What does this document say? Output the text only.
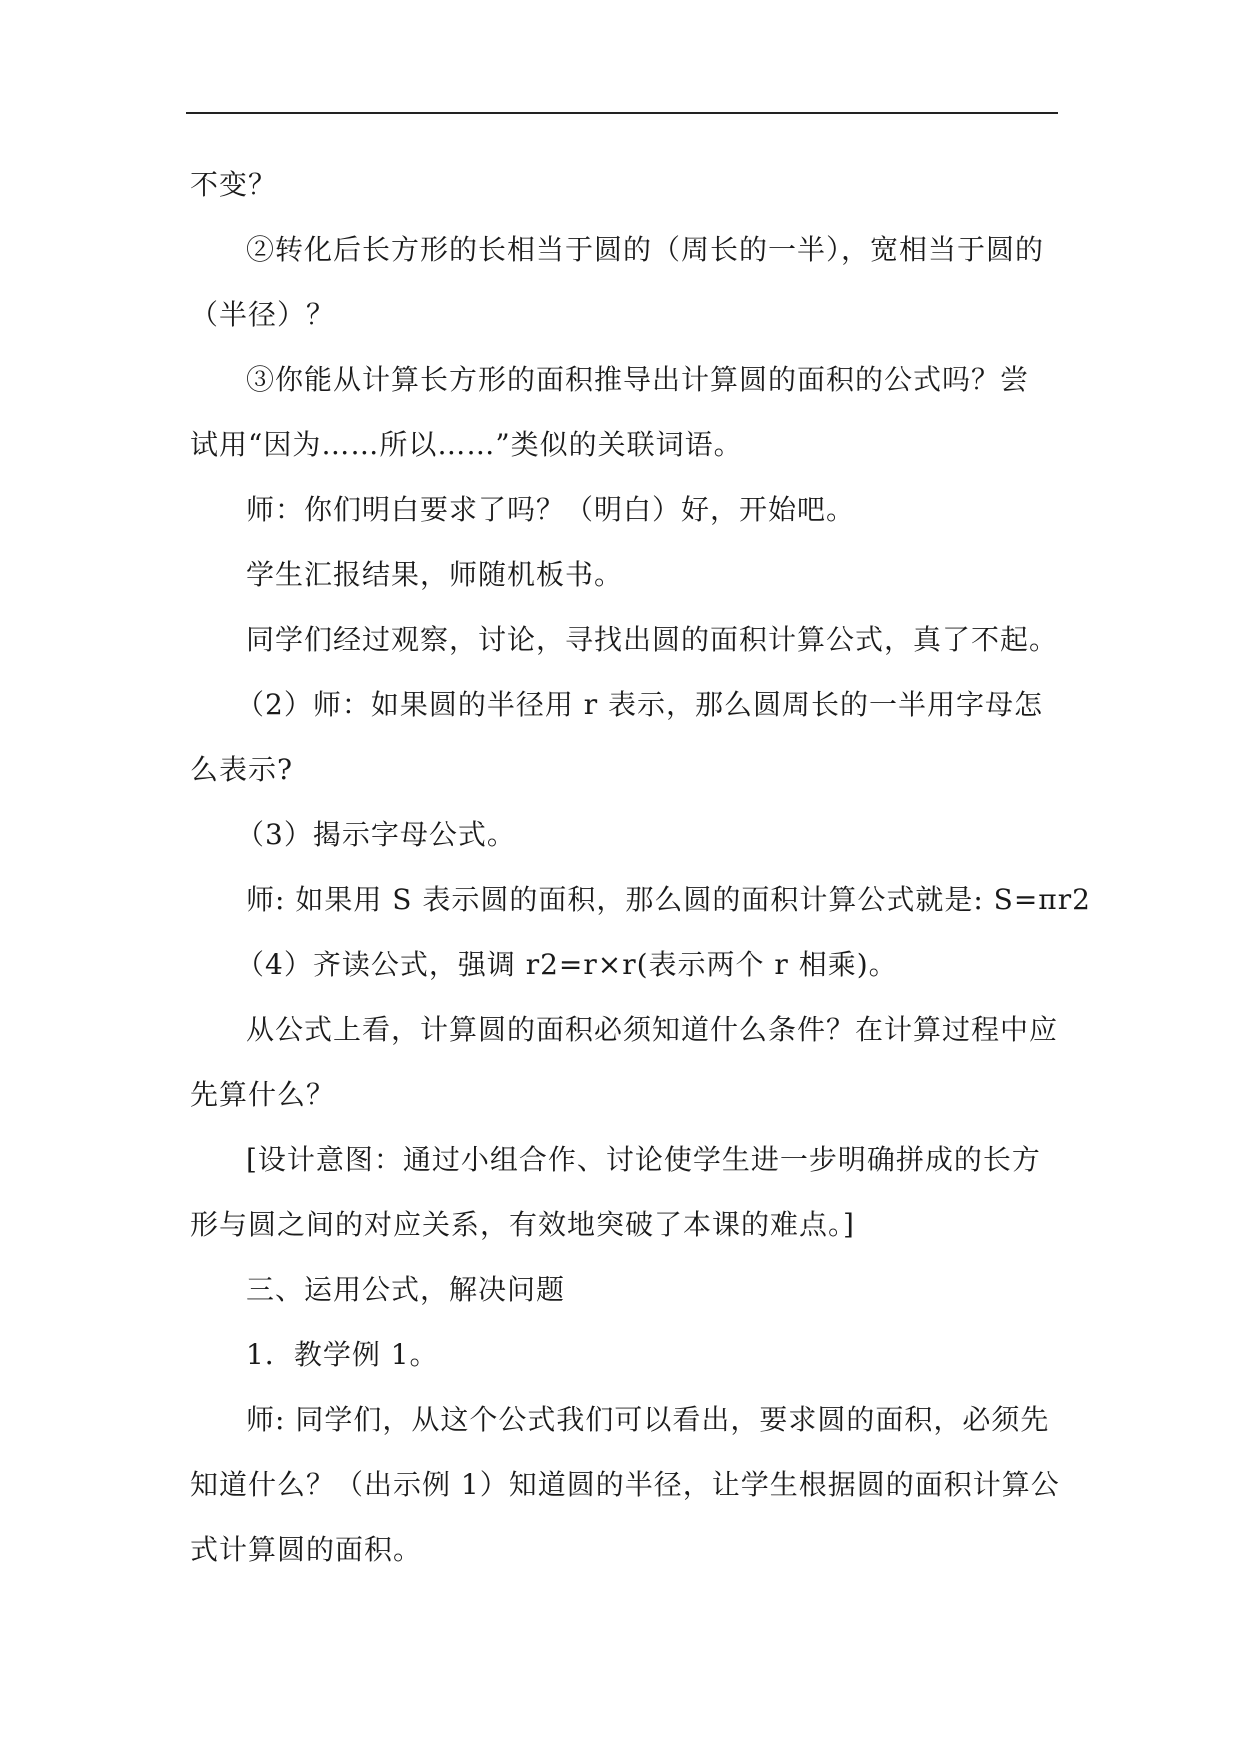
不变？
②转化后长方形的长相当于圆的（周长的一半），宽相当于圆的
（半径）？
③你能从计算长方形的面积推导出计算圆的面积的公式吗？尝
试用“因为……所以……”类似的关联词语。
师：你们明白要求了吗？（明白）好，开始吧。
学生汇报结果，师随机板书。
同学们经过观察，讨论，寻找出圆的面积计算公式，真了不起。
（2）师：如果圆的半径用 r 表示，那么圆周长的一半用字母怎
么表示?
（3）揭示字母公式。
师: 如果用 S 表示圆的面积，那么圆的面积计算公式就是: S=πr2
（4）齐读公式，强调 r2=r×r(表示两个 r 相乘)。
从公式上看，计算圆的面积必须知道什么条件？在计算过程中应
先算什么？
[设计意图：通过小组合作、讨论使学生进一步明确拼成的长方
形与圆之间的对应关系，有效地突破了本课的难点。]
三、运用公式，解决问题
1．教学例 1。
师: 同学们，从这个公式我们可以看出，要求圆的面积，必须先
知道什么？（出示例 1）知道圆的半径，让学生根据圆的面积计算公
式计算圆的面积。
